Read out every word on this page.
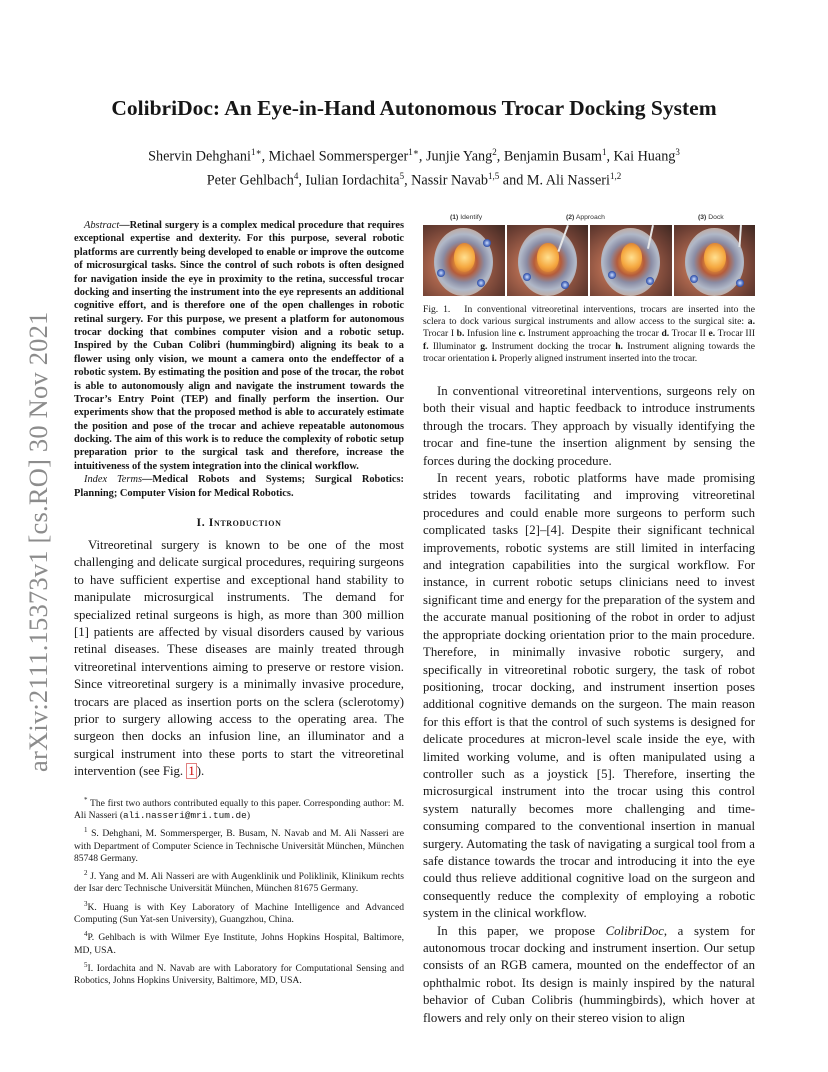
arXiv:2111.15373v1 [cs.RO] 30 Nov 2021
ColibriDoc: An Eye-in-Hand Autonomous Trocar Docking System
Shervin Dehghani$^{1∗}$, Michael Sommersperger$^{1∗}$, Junjie Yang$^2$, Benjamin Busam$^1$, Kai Huang$^3$
Peter Gehlbach$^4$, Iulian Iordachita$^5$, Nassir Navab$^{1,5}$ and M. Ali Nasseri$^{1,2}$

Abstract—Retinal surgery is a complex medical procedure that requires exceptional expertise and dexterity. For this purpose, several robotic platforms are currently being developed to enable or improve the outcome of microsurgical tasks. Since the control of such robots is often designed for navigation inside the eye in proximity to the retina, successful trocar docking and inserting the instrument into the eye represents an additional cognitive effort, and is therefore one of the open challenges in robotic retinal surgery. For this purpose, we present a platform for autonomous trocar docking that combines computer vision and a robotic setup. Inspired by the Cuban Colibri (hummingbird) aligning its beak to a flower using only vision, we mount a camera onto the endeffector of a robotic system. By estimating the position and pose of the trocar, the robot is able to autonomously align and navigate the instrument towards the Trocar’s Entry Point (TEP) and finally perform the insertion. Our experiments show that the proposed method is able to accurately estimate the position and pose of the trocar and achieve repeatable autonomous docking. The aim of this work is to reduce the complexity of robotic setup preparation prior to the surgical task and therefore, increase the intuitiveness of the system integration into the clinical workflow.

Index Terms—Medical Robots and Systems; Surgical Robotics: Planning; Computer Vision for Medical Robotics.

I. Introduction

Vitreoretinal surgery is known to be one of the most challenging and delicate surgical procedures, requiring surgeons to have sufficient expertise and exceptional hand stability to manipulate microsurgical instruments. The demand for specialized retinal surgeons is high, as more than 300 million [1] patients are affected by visual disorders caused by various retinal diseases. These diseases are mainly treated through vitreoretinal interventions aiming to preserve or restore vision. Since vitreoretinal surgery is a minimally invasive procedure, trocars are placed as insertion ports on the sclera (sclerotomy) prior to surgery allowing access to the operating area. The surgeon then docks an infusion line, an illuminator and a surgical instrument into these ports to start the vitreoretinal intervention (see Fig. 1 ).

* The first two authors contributed equally to this paper. Corresponding author: M. Ali Nasseri (ali.nasseri@mri.tum.de)

$^1$ S. Dehghani, M. Sommersperger, B. Busam, N. Navab and M. Ali Nasseri are with Department of Computer Science in Technische Universität München, München 85748 Germany.

$^2$ J. Yang and M. Ali Nasseri are with Augenklinik und Poliklinik, Klinikum rechts der Isar derc Technische Universität München, München 81675 Germany.

$^3$K. Huang is with Key Laboratory of Machine Intelligence and Advanced Computing (Sun Yat-sen University), Guangzhou, China.

$^4$P. Gehlbach is with Wilmer Eye Institute, Johns Hopkins Hospital, Baltimore, MD, USA.

$^5$I. Iordachita and N. Navab are with Laboratory for Computational Sensing and Robotics, Johns Hopkins University, Baltimore, MD, USA.

(1) Identify	(2) Approach	(3) Dock

Fig. 1. In conventional vitreoretinal interventions, trocars are inserted into the sclera to dock various surgical instruments and allow access to the surgical site: a. Trocar I b. Infusion line c. Instrument approaching the trocar d. Trocar II e. Trocar III f. Illuminator g. Instrument docking the trocar h. Instrument aligning towards the trocar orientation i. Properly aligned instrument inserted into the trocar.

In conventional vitreoretinal interventions, surgeons rely on both their visual and haptic feedback to introduce instruments through the trocars. They approach by visually identifying the trocar and fine-tune the insertion alignment by sensing the forces during the docking procedure.

In recent years, robotic platforms have made promising strides towards facilitating and improving vitreoretinal procedures and could enable more surgeons to perform such complicated tasks [2]–[4]. Despite their significant technical improvements, robotic systems are still limited in interfacing and integration capabilities into the surgical workflow. For instance, in current robotic setups clinicians need to invest significant time and energy for the preparation of the system and the accurate manual positioning of the robot in order to adjust the appropriate docking orientation prior to the main procedure. Therefore, in minimally invasive robotic surgery, and specifically in vitreoretinal robotic surgery, the task of robot positioning, trocar docking, and instrument insertion poses additional cognitive demands on the surgeon. The main reason for this effort is that the control of such systems is designed for delicate procedures at micron-level scale inside the eye, with limited working volume, and is often manipulated using a controller such as a joystick [5]. Therefore, inserting the microsurgical instrument into the trocar using this control system naturally becomes more challenging and time-consuming compared to the conventional insertion in manual surgery. Automating the task of navigating a surgical tool from a safe distance towards the trocar and introducing it into the eye could thus relieve additional cognitive load on the surgeon and consequently reduce the complexity of employing a robotic system in the clinical workflow.

In this paper, we propose ColibriDoc, a system for autonomous trocar docking and instrument insertion. Our setup consists of an RGB camera, mounted on the endeffector of an ophthalmic robot. Its design is mainly inspired by the natural behavior of Cuban Colibris (hummingbirds), which hover at flowers and rely only on their stereo vision to align
